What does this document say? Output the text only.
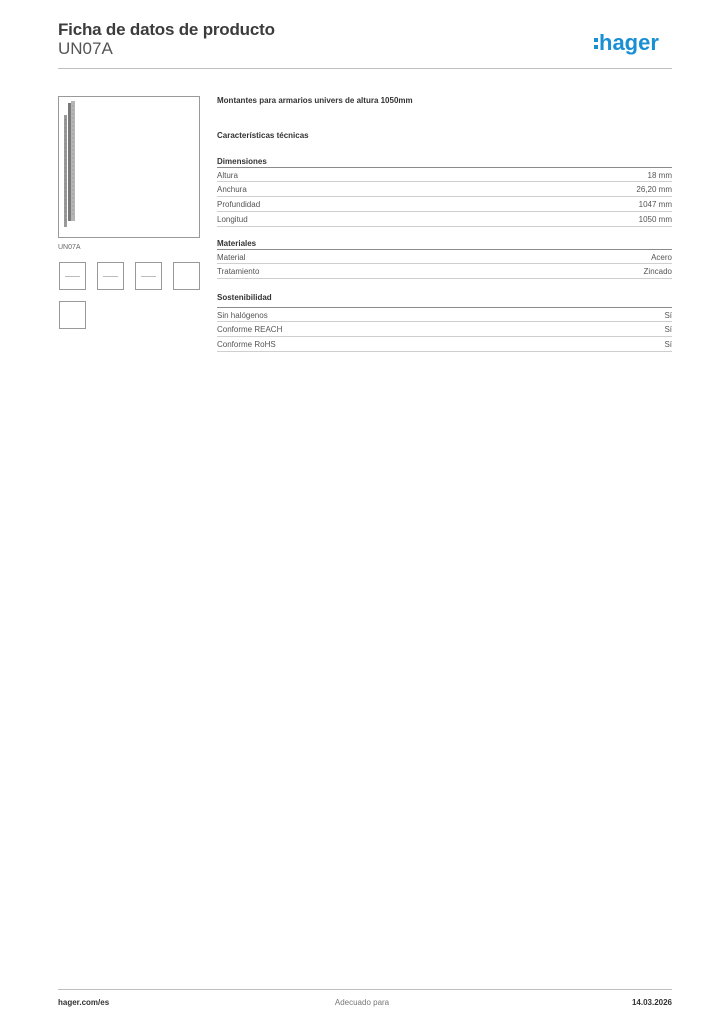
Ficha de datos de producto
UN07A	hager
UN07A
Montantes para armarios univers de altura 1050mm
Características técnicas
Dimensiones
Altura	18 mm
Anchura	26,20 mm
Profundidad	1047 mm
Longitud	1050 mm
Materiales
Material	Acero
Tratamiento	Zincado
Sostenibilidad
Sin halógenos	Sí
Conforme REACH	Sí
Conforme RoHS	Sí
hager.com/es	Adecuado para	14.03.2026
